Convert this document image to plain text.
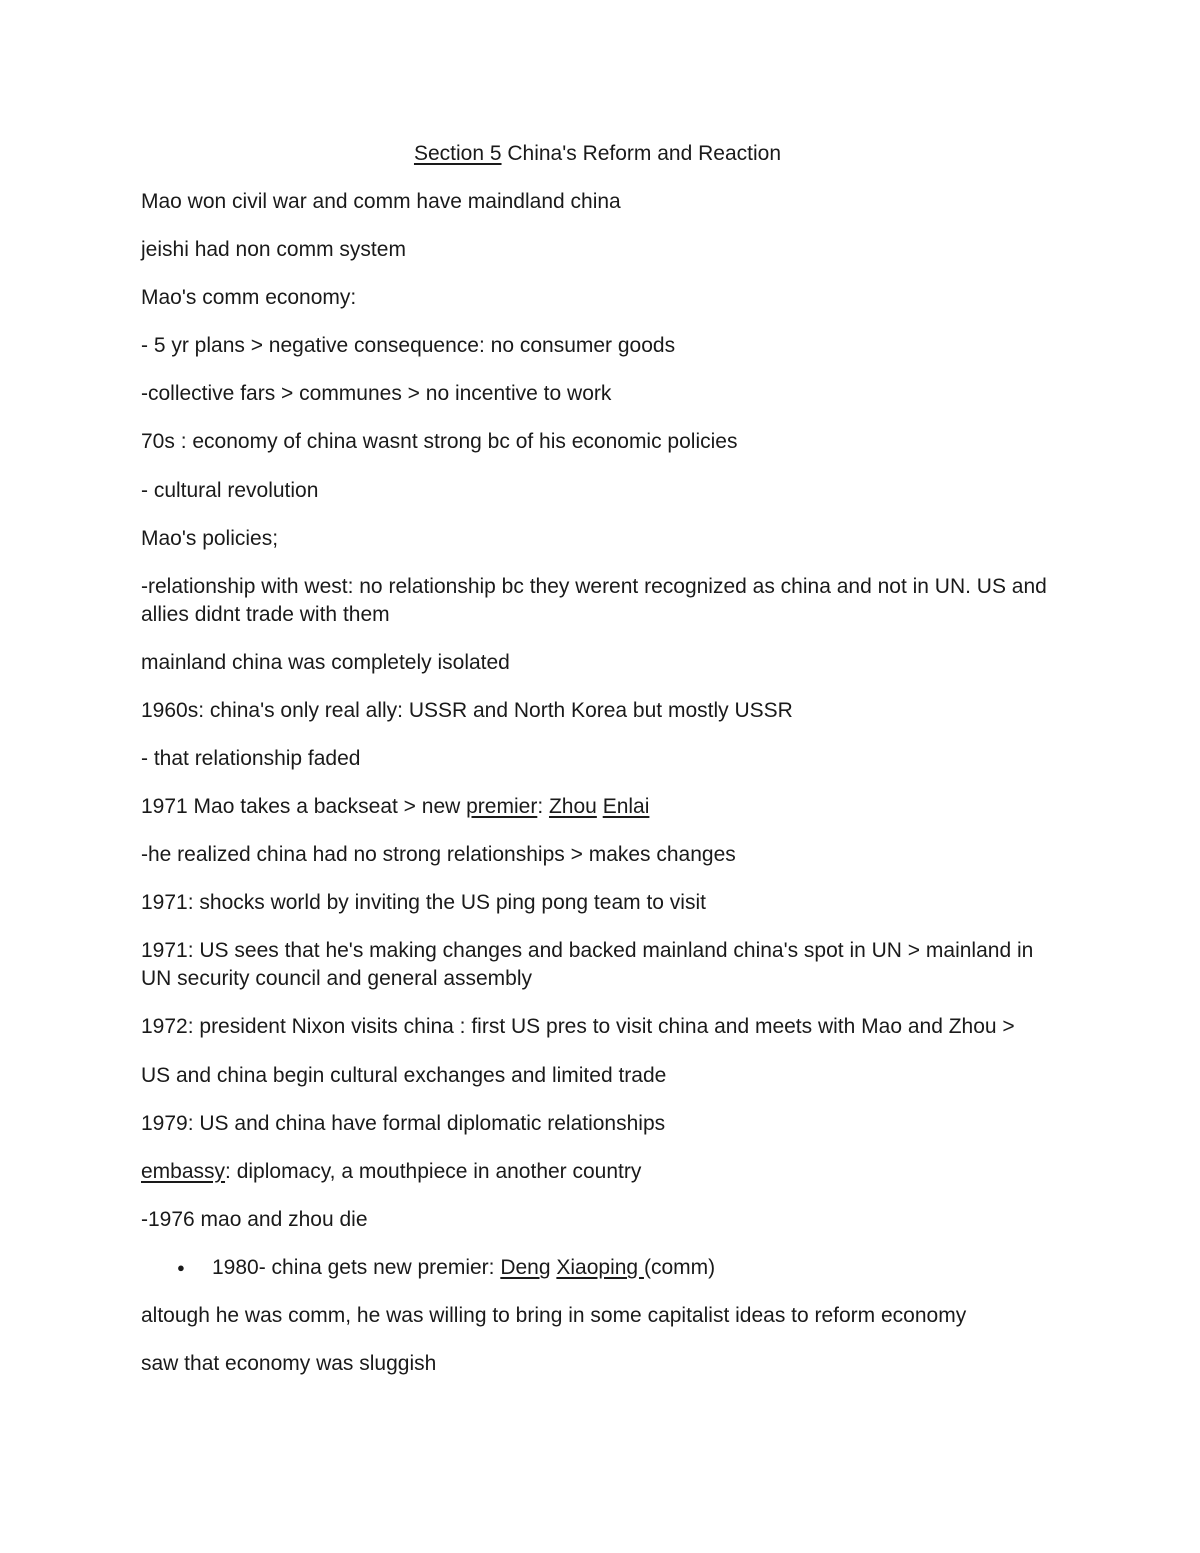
Section 5 China's Reform and Reaction
Mao won civil war and comm have maindland china
jeishi had non comm system
Mao's comm economy:
- 5 yr plans > negative consequence: no consumer goods
-collective fars > communes > no incentive to work
70s : economy of china wasnt strong bc of his economic policies
- cultural revolution
Mao's policies;
-relationship with west: no relationship bc they werent recognized as china and not in UN. US and allies didnt trade with them
mainland china was completely isolated
1960s: china's only real ally: USSR and North Korea but mostly USSR
- that relationship faded
1971 Mao takes a backseat > new premier: Zhou Enlai
-he realized china had no strong relationships > makes changes
1971: shocks world by inviting the US ping pong team to visit
1971: US sees that he's making changes and backed mainland china's spot in UN > mainland in UN security council and general assembly
1972: president Nixon visits china : first US pres to visit china and meets with Mao and Zhou >
US and china begin cultural exchanges and limited trade
1979: US and china have formal diplomatic relationships
embassy: diplomacy, a mouthpiece in another country
-1976 mao and zhou die
● 1980- china gets new premier: Deng Xiaoping (comm)
altough he was comm, he was willing to bring in some capitalist ideas to reform economy
saw that economy was sluggish
